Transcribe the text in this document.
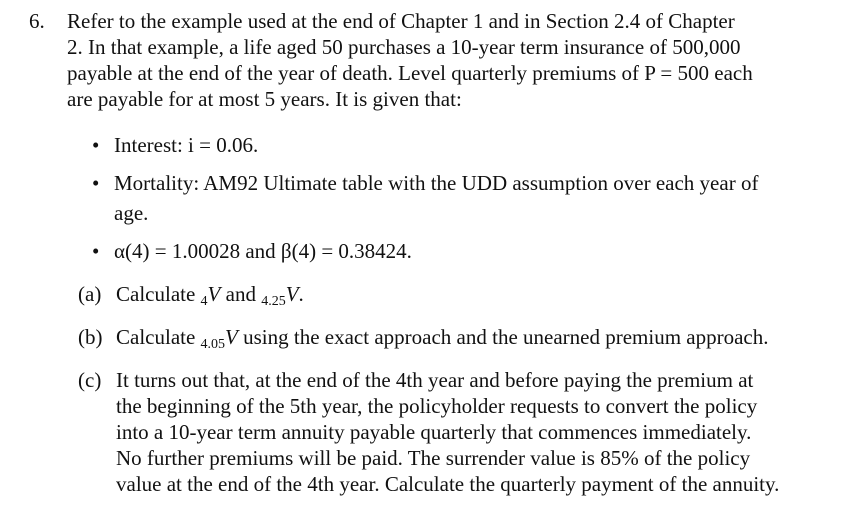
6. Refer to the example used at the end of Chapter 1 and in Section 2.4 of Chapter
2. In that example, a life aged 50 purchases a 10-year term insurance of 500,000
payable at the end of the year of death. Level quarterly premiums of P = 500 each
are payable for at most 5 years. It is given that:
• Interest: i = 0.06.
• Mortality: AM92 Ultimate table with the UDD assumption over each year of
age.
• α(4) = 1.00028 and β(4) = 0.38424.
(a) Calculate $_4$V and $_{4.25}$V.
(b) Calculate $_{4.05}$V using the exact approach and the unearned premium approach.
(c) It turns out that, at the end of the 4th year and before paying the premium at
the beginning of the 5th year, the policyholder requests to convert the policy
into a 10-year term annuity payable quarterly that commences immediately.
No further premiums will be paid. The surrender value is 85% of the policy
value at the end of the 4th year. Calculate the quarterly payment of the annuity.
